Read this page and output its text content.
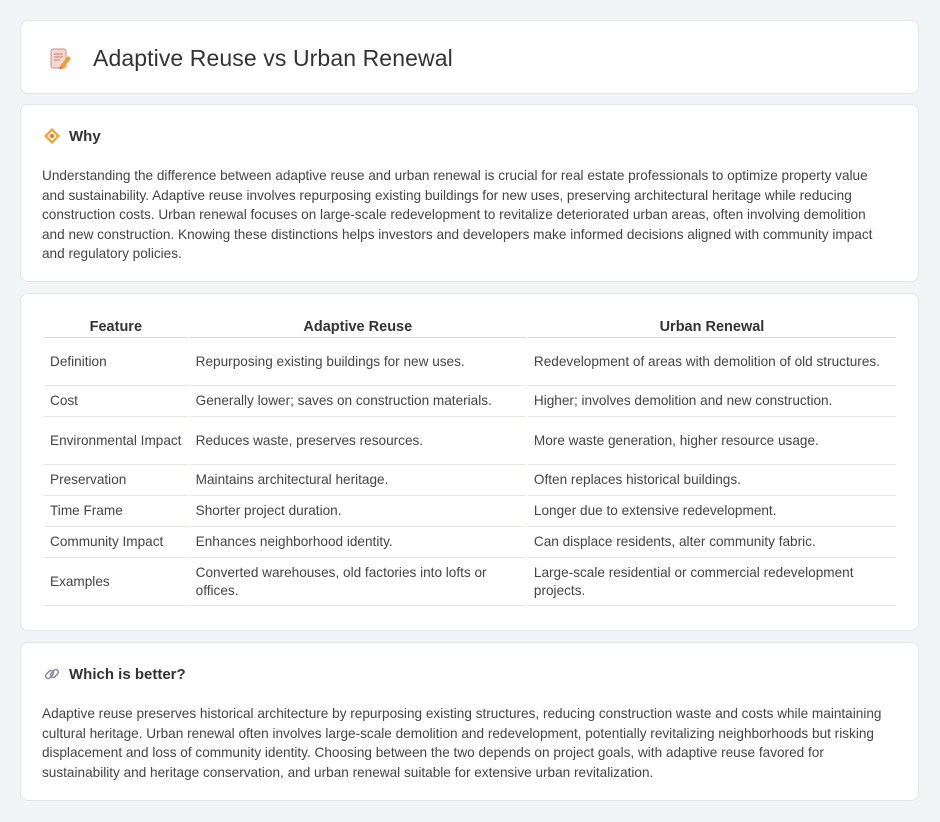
Adaptive Reuse vs Urban Renewal
Why

Understanding the difference between adaptive reuse and urban renewal is crucial for real estate professionals to optimize property value and sustainability. Adaptive reuse involves repurposing existing buildings for new uses, preserving architectural heritage while reducing construction costs. Urban renewal focuses on large-scale redevelopment to revitalize deteriorated urban areas, often involving demolition and new construction. Knowing these distinctions helps investors and developers make informed decisions aligned with community impact and regulatory policies.

Feature	Adaptive Reuse	Urban Renewal
Definition	Repurposing existing buildings for new uses.	Redevelopment of areas with demolition of old structures.
Cost	Generally lower; saves on construction materials.	Higher; involves demolition and new construction.
Environmental Impact	Reduces waste, preserves resources.	More waste generation, higher resource usage.
Preservation	Maintains architectural heritage.	Often replaces historical buildings.
Time Frame	Shorter project duration.	Longer due to extensive redevelopment.
Community Impact	Enhances neighborhood identity.	Can displace residents, alter community fabric.
Examples	Converted warehouses, old factories into lofts or offices.	Large-scale residential or commercial redevelopment projects.
Which is better?

Adaptive reuse preserves historical architecture by repurposing existing structures, reducing construction waste and costs while maintaining cultural heritage. Urban renewal often involves large-scale demolition and redevelopment, potentially revitalizing neighborhoods but risking displacement and loss of community identity. Choosing between the two depends on project goals, with adaptive reuse favored for sustainability and heritage conservation, and urban renewal suitable for extensive urban revitalization.
